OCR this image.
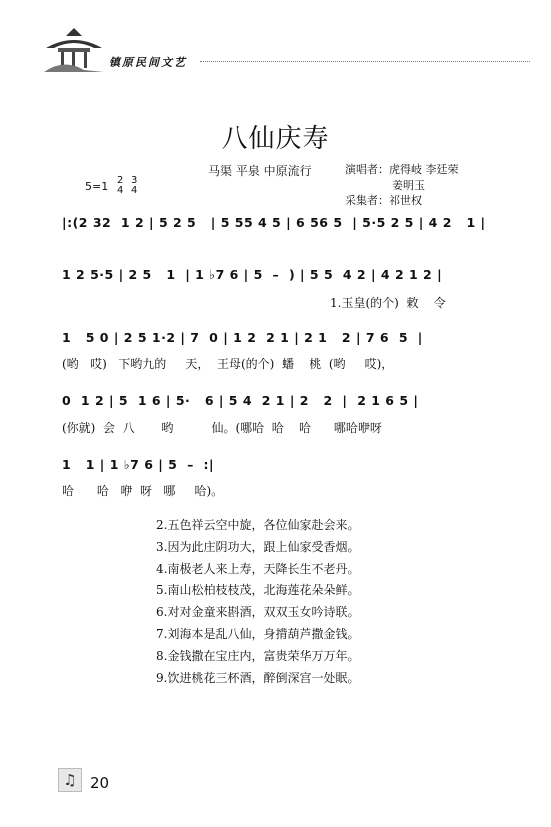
镇原民间文艺
八仙庆寿
马渠 平泉 中原流行	演唱者：虎得岐 李廷荣
姜明玉
采集者：祁世权
5=1 2
4
3
4
|:(2 32  1 2 | 5 2 5   | 5 55 4 5 | 6 56 5  | 5·5 2 5 | 4 2   1 |
1 2 5·5 | 2 5   1  | 1 ♭7 6 | 5  –  ) | 5 5  4 2 | 4 2 1 2 |
1.玉皇(的个)  敕    令
1   5 0 | 2 5 1·2 | 7  0 | 1 2  2 1 | 2 1   2 | 7 6  5  |
(哟   哎)   下哟九的     天，  王母(的个)  蟠    桃  (哟     哎)，
0  1 2 | 5  1 6 | 5·   6 | 5 4  2 1 | 2   2  |  2 1 6 5 |
(你就)  会  八       哟          仙。(哪哈  哈    哈      哪哈咿呀
1   1 | 1 ♭7 6 | 5  –  :|
哈      哈   咿  呀   哪     哈)。
2.五色祥云空中旋，各位仙家赴会来。
3.因为此庄阴功大，跟上仙家受香烟。
4.南极老人来上寿，天降长生不老丹。
5.南山松柏枝枝茂，北海莲花朵朵鲜。
6.对对金童来斟酒，双双玉女吟诗联。
7.刘海本是乱八仙，身揹葫芦撒金钱。
8.金钱撒在宝庄内，富贵荣华万万年。
9.饮进桃花三杯酒，醉倒深宫一处眠。
♫ 20
